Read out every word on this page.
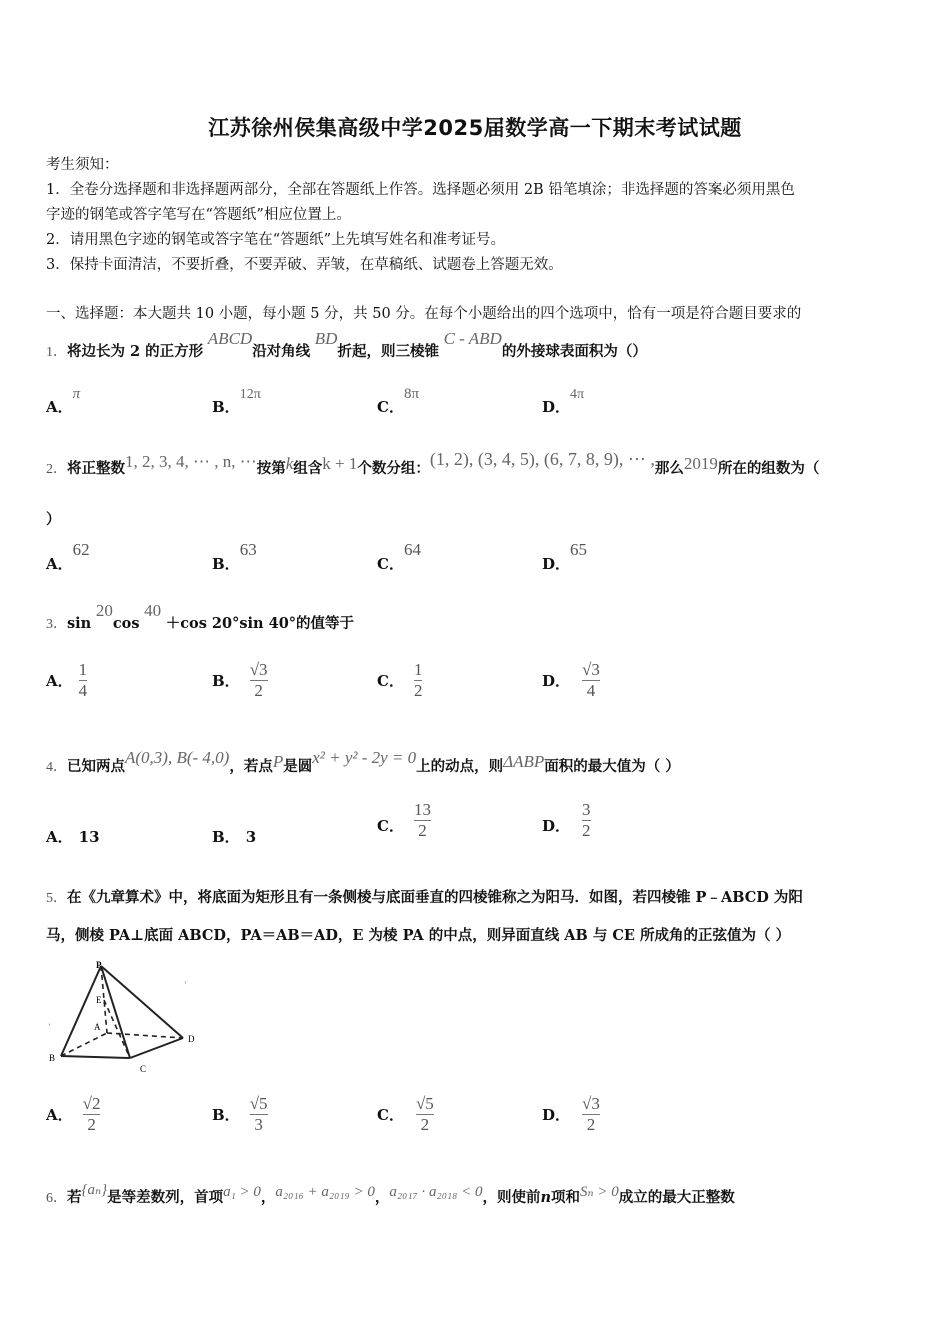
江苏徐州侯集高级中学2025届数学高一下期末考试试题
考生须知：
1．全卷分选择题和非选择题两部分，全部在答题纸上作答。选择题必须用 2B 铅笔填涂；非选择题的答案必须用黑色
字迹的钢笔或答字笔写在“答题纸”相应位置上。
2．请用黑色字迹的钢笔或答字笔在“答题纸”上先填写姓名和准考证号。
3．保持卡面清洁，不要折叠，不要弄破、弄皱，在草稿纸、试题卷上答题无效。
一、选择题：本大题共 10 小题，每小题 5 分，共 50 分。在每个小题给出的四个选项中，恰有一项是符合题目要求的
1．将边长为 2 的正方形 ABCD沿对角线 BD折起，则三棱锥 C - ABD的外接球表面积为（）
A．π
B．12π
C．8π
D．4π
2．将正整数1, 2, 3, 4, ⋯ , n, ⋯按第k组含k + 1个数分组：(1, 2), (3, 4, 5), (6, 7, 8, 9), ⋯ ,那么2019所在的组数为（
）
A．62
B．63
C．64
D．65
3．sin 20cos 40 ＋cos 20°sin 40°的值等于
A． $\frac{1}{4}$	B． $\frac{√3}{2}$	C． $\frac{1}{2}$	D． $\frac{√3}{4}$
4．已知两点A(0,3), B(- 4,0)，若点P是圆x² + y² - 2y = 0上的动点，则ΔABP面积的最大值为（ ）
A． 13	B． 3
C． $\frac{13}{2}$	D． $\frac{3}{2}$
5．在《九章算术》中，将底面为矩形且有一条侧棱与底面垂直的四棱锥称之为阳马．如图，若四棱锥 P﹣ABCD 为阳
马，侧棱 PA⊥底面 ABCD，PA＝AB＝AD，E 为棱 PA 的中点，则异面直线 AB 与 CE 所成角的正弦值为（ ）
P
E
A
B
C
D
‛
’
A． $\frac{√2}{2}$	B． $\frac{√5}{3}$	C． $\frac{√5}{2}$	D． $\frac{√3}{2}$
6．若{aₙ}是等差数列，首项a₁ > 0，a₂₀₁₆ + a₂₀₁₉ > 0，a₂₀₁₇ · a₂₀₁₈ < 0，则使前n项和Sₙ > 0成立的最大正整数
